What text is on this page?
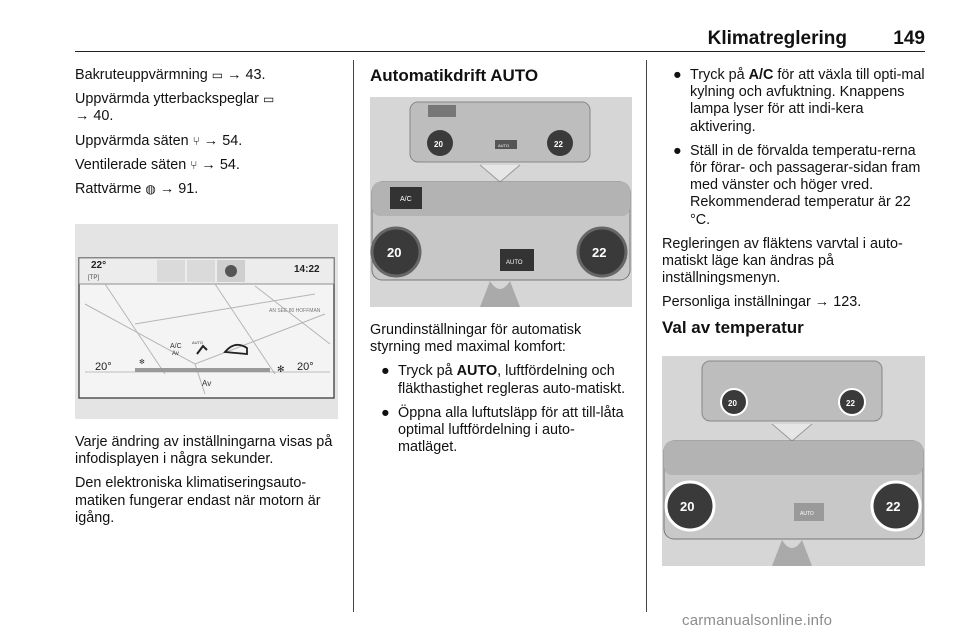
Klimatreglering 149

Bakruteuppvärmning ▭ → 43.

Uppvärmda ytterbackspeglar ▭
→ 40.

Uppvärmda säten ⑂ → 54.

Ventilerade säten ⑂ → 54.

Rattvärme ◍ → 91.

22°
[TP]
14:22
AN SEE 80 HOFFMAN
A/C
Av
AUTO
20°	20°
✻
✻
Av

Varje ändring av inställningarna visas på infodisplayen i några sekunder.

Den elektroniska klimatiseringsauto-matiken fungerar endast när motorn är igång.

Automatikdrift AUTO
20	22
AUTO
A/C
20	22
AUTO

Grundinställningar för automatisk styrning med maximal komfort:

● Tryck på AUTO, luftfördelning och fläkthastighet regleras auto-matiskt.
● Öppna alla luftutsläpp för att till-låta optimal luftfördelning i auto-matläget.
● Tryck på A/C för att växla till opti-mal kylning och avfuktning. Knappens lampa lyser för att indi-kera aktivering.
● Ställ in de förvalda temperatu-rerna för förar- och passagerar-sidan fram med vänster och höger vred. Rekommenderad temperatur är 22 °C.

Regleringen av fläktens varvtal i auto-matiskt läge kan ändras på inställningsmenyn.

Personliga inställningar → 123.

Val av temperatur
20	22
20	22
AUTO
carmanualsonline.info
